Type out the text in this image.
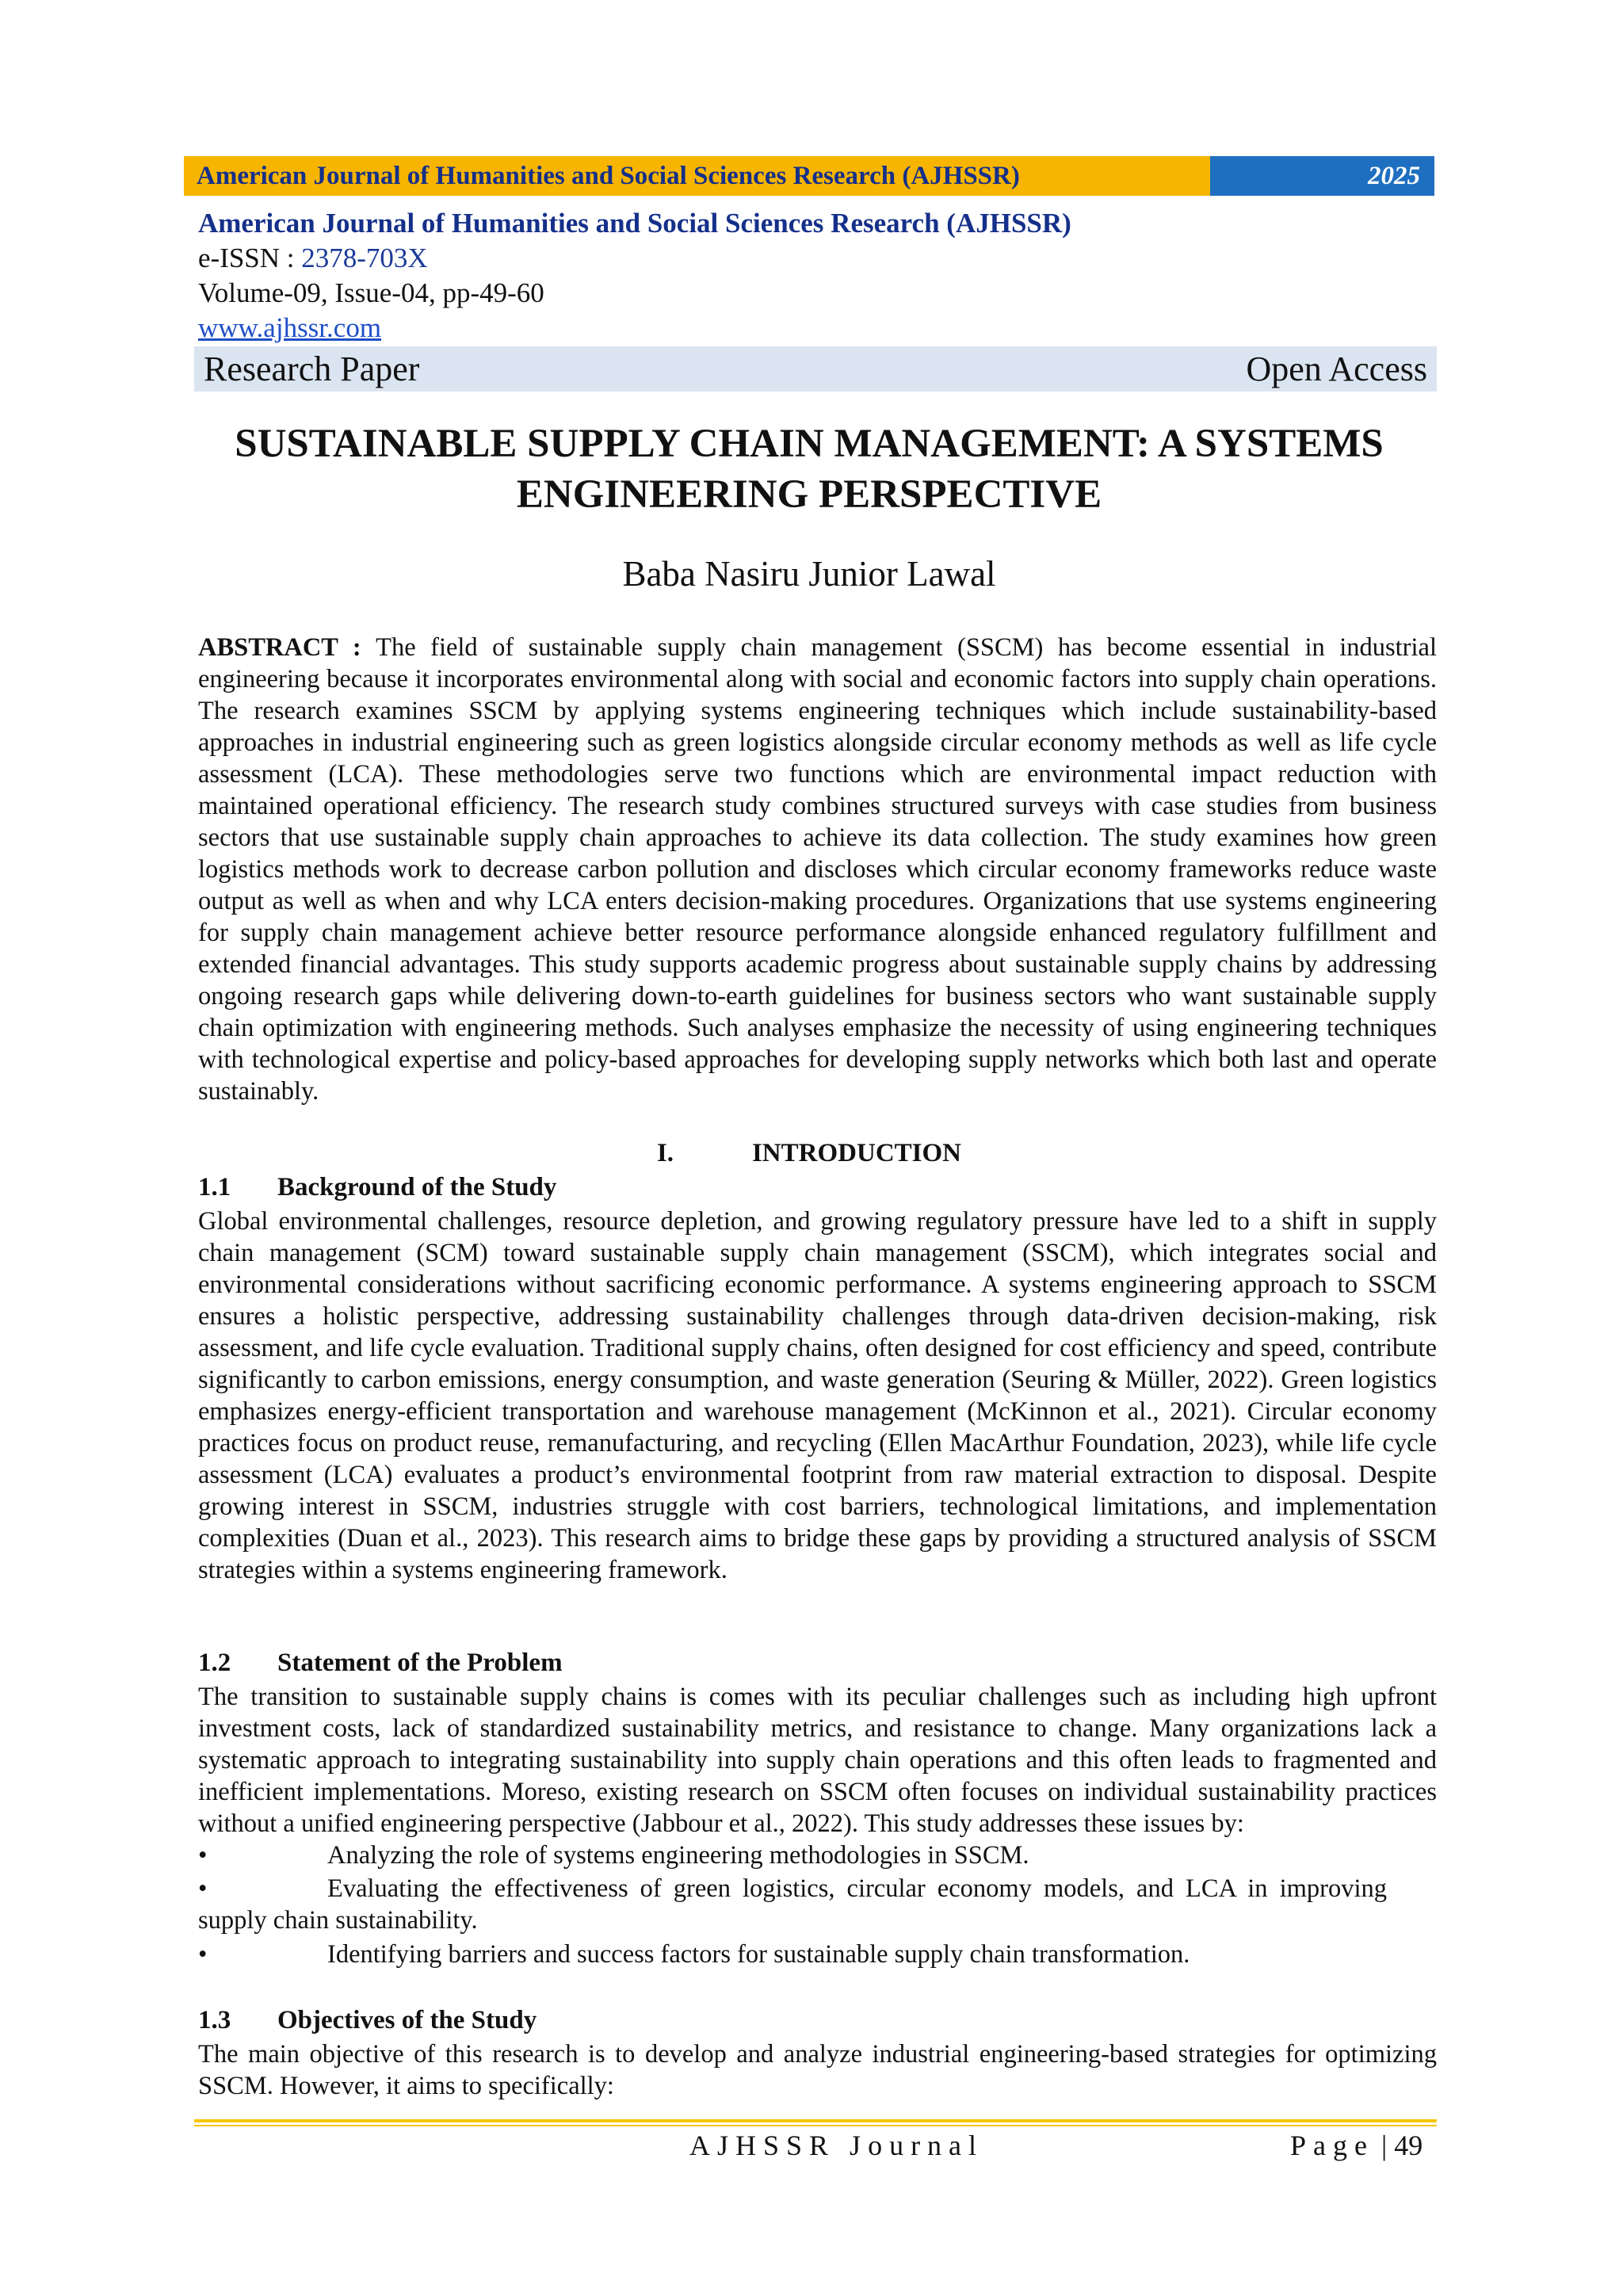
American Journal of Humanities and Social Sciences Research (AJHSSR)	2025
American Journal of Humanities and Social Sciences Research (AJHSSR)
e-ISSN : 2378-703X
Volume-09, Issue-04, pp-49-60
www.ajhssr.com
Research Paper	Open Access
SUSTAINABLE SUPPLY CHAIN MANAGEMENT: A SYSTEMS
ENGINEERING PERSPECTIVE
Baba Nasiru Junior Lawal
ABSTRACT : The field of sustainable supply chain management (SSCM) has become essential in industrial engineering because it incorporates environmental along with social and economic factors into supply chain operations. The research examines SSCM by applying systems engineering techniques which include sustainability-based approaches in industrial engineering such as green logistics alongside circular economy methods as well as life cycle assessment (LCA). These methodologies serve two functions which are environmental impact reduction with maintained operational efficiency. The research study combines structured surveys with case studies from business sectors that use sustainable supply chain approaches to achieve its data collection. The study examines how green logistics methods work to decrease carbon pollution and discloses which circular economy frameworks reduce waste output as well as when and why LCA enters decision-making procedures. Organizations that use systems engineering for supply chain management achieve better resource performance alongside enhanced regulatory fulfillment and extended financial advantages. This study supports academic progress about sustainable supply chains by addressing ongoing research gaps while delivering down-to-earth guidelines for business sectors who want sustainable supply chain optimization with engineering methods. Such analyses emphasize the necessity of using engineering techniques with technological expertise and policy-based approaches for developing supply networks which both last and operate sustainably.
I.	INTRODUCTION
1.1 Background of the Study
Global environmental challenges, resource depletion, and growing regulatory pressure have led to a shift in supply chain management (SCM) toward sustainable supply chain management (SSCM), which integrates social and environmental considerations without sacrificing economic performance. A systems engineering approach to SSCM ensures a holistic perspective, addressing sustainability challenges through data-driven decision-making, risk assessment, and life cycle evaluation. Traditional supply chains, often designed for cost efficiency and speed, contribute significantly to carbon emissions, energy consumption, and waste generation (Seuring & Müller, 2022). Green logistics emphasizes energy-efficient transportation and warehouse management (McKinnon et al., 2021). Circular economy practices focus on product reuse, remanufacturing, and recycling (Ellen MacArthur Foundation, 2023), while life cycle assessment (LCA) evaluates a product’s environmental footprint from raw material extraction to disposal. Despite growing interest in SSCM, industries struggle with cost barriers, technological limitations, and implementation complexities (Duan et al., 2023). This research aims to bridge these gaps by providing a structured analysis of SSCM strategies within a systems engineering framework.
1.2 Statement of the Problem
The transition to sustainable supply chains is comes with its peculiar challenges such as including high upfront investment costs, lack of standardized sustainability metrics, and resistance to change. Many organizations lack a systematic approach to integrating sustainability into supply chain operations and this often leads to fragmented and inefficient implementations. Moreso, existing research on SSCM often focuses on individual sustainability practices without a unified engineering perspective (Jabbour et al., 2022). This study addresses these issues by:
•	Analyzing the role of systems engineering methodologies in SSCM.
•	Evaluating the effectiveness of green logistics, circular economy models, and LCA in improving supply chain sustainability.
•	Identifying barriers and success factors for sustainable supply chain transformation.
1.3 Objectives of the Study
The main objective of this research is to develop and analyze industrial engineering-based strategies for optimizing SSCM. However, it aims to specifically:
AJHSSR Journal	Page | 49
